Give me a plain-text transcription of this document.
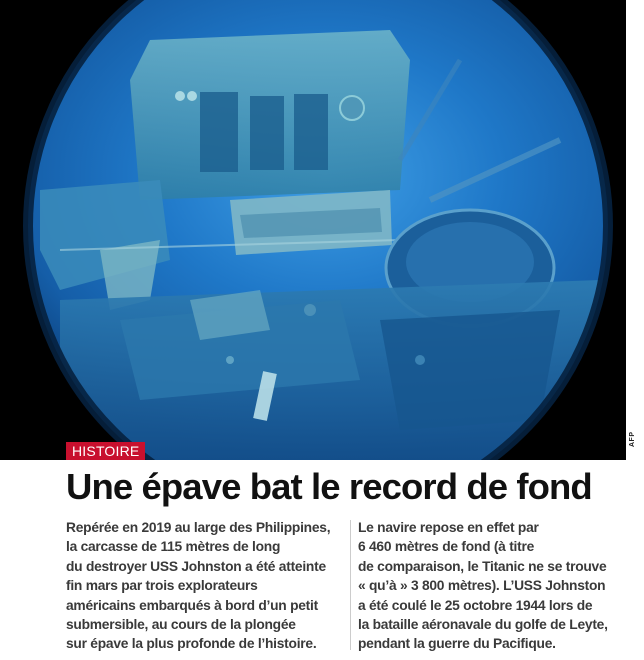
AFP
HISTOIRE
Une épave bat le record de fond
Repérée en 2019 au large des Philippines,
la carcasse de 115 mètres de long
du destroyer USS Johnston a été atteinte
fin mars par trois explorateurs
américains embarqués à bord d’un petit
submersible, au cours de la plongée
sur épave la plus profonde de l’histoire.
Le navire repose en effet par
6 460 mètres de fond (à titre
de comparaison, le Titanic ne se trouve
« qu’à » 3 800 mètres). L’USS Johnston
a été coulé le 25 octobre 1944 lors de
la bataille aéronavale du golfe de Leyte,
pendant la guerre du Pacifique.
